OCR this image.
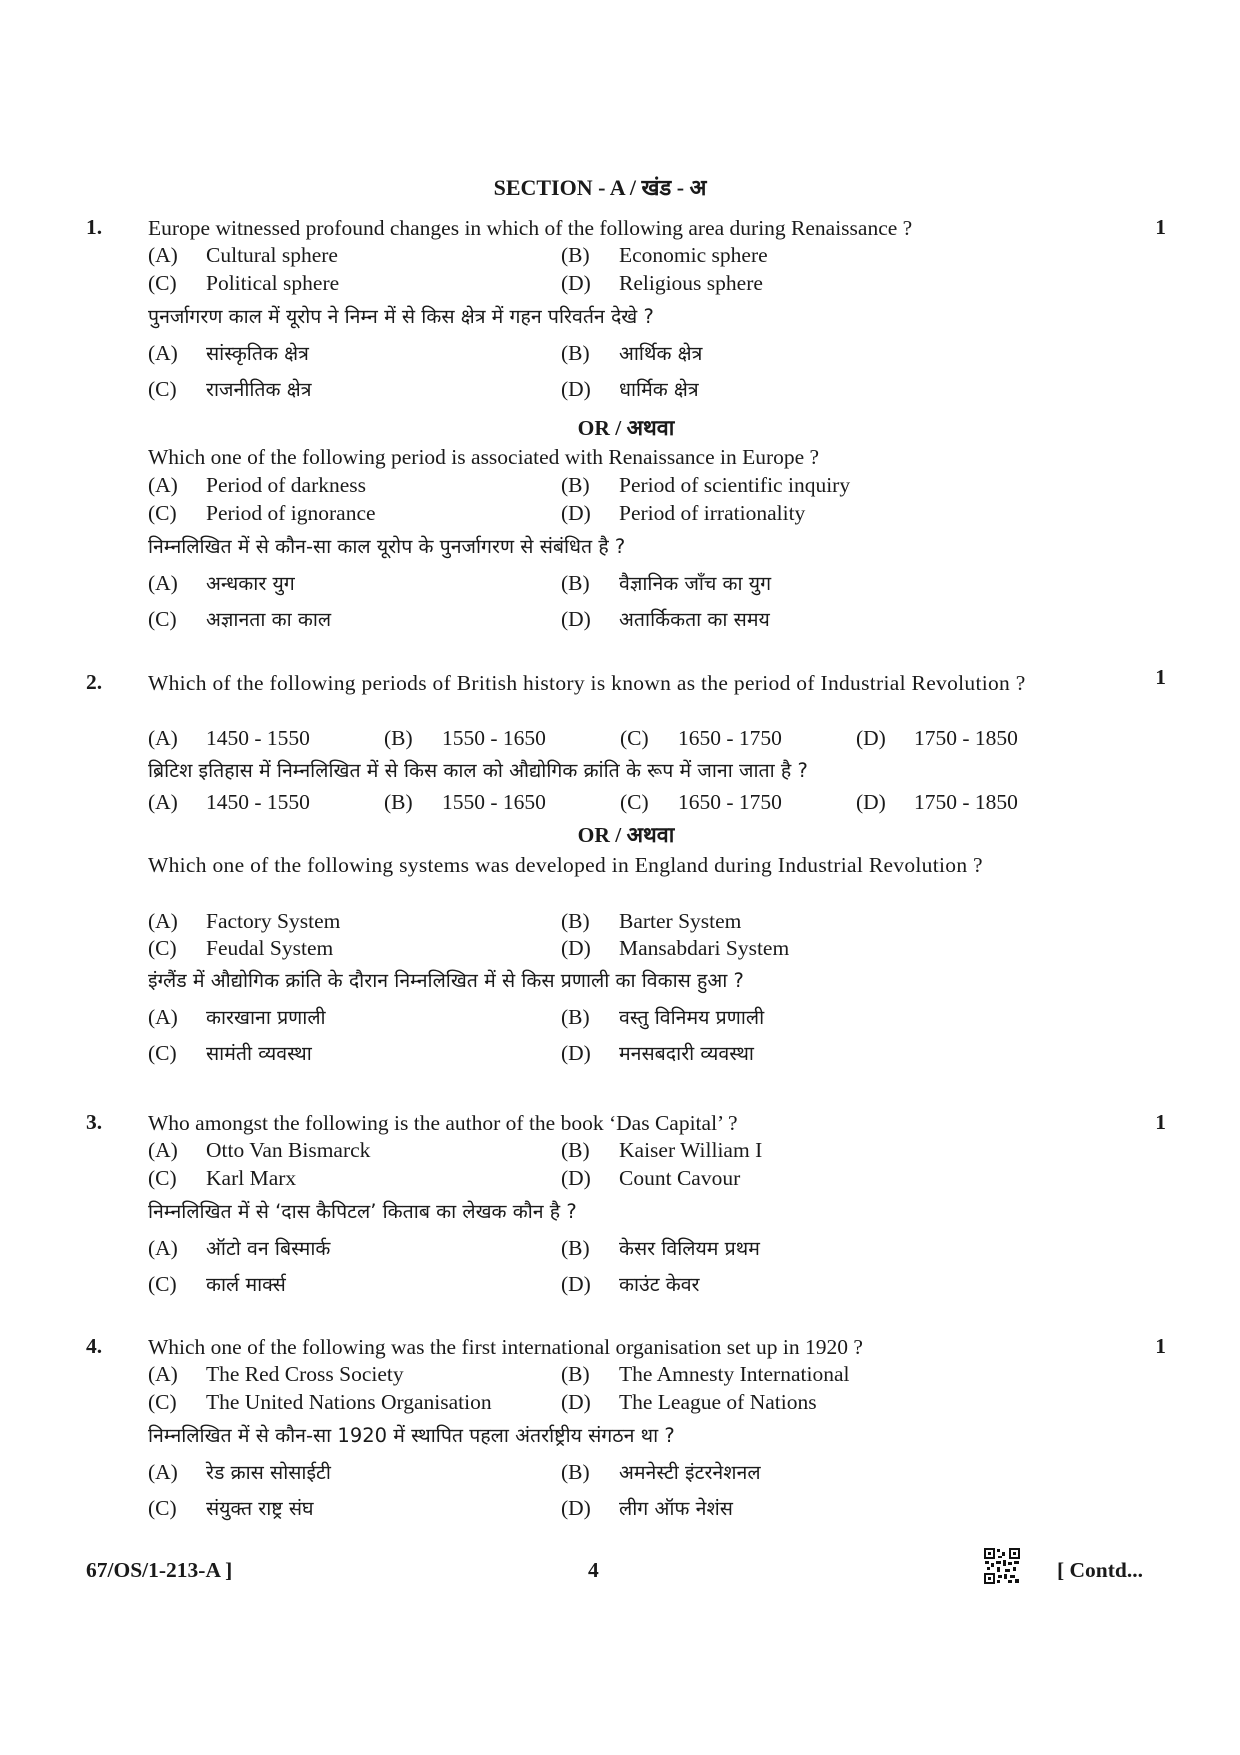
SECTION - A / खंड - अ
1.	1
Europe witnessed profound changes in which of the following area during Renaissance ?
(A) Cultural sphere	(B) Economic sphere
(C) Political sphere	(D) Religious sphere
पुनर्जागरण काल में यूरोप ने निम्न में से किस क्षेत्र में गहन परिवर्तन देखे ?
(A) सांस्कृतिक क्षेत्र	(B) आर्थिक क्षेत्र
(C) राजनीतिक क्षेत्र	(D) धार्मिक क्षेत्र
OR / अथवा
Which one of the following period is associated with Renaissance in Europe ?
(A) Period of darkness	(B) Period of scientific inquiry
(C) Period of ignorance	(D) Period of irrationality
निम्नलिखित में से कौन-सा काल यूरोप के पुनर्जागरण से संबंधित है ?
(A) अन्धकार युग	(B) वैज्ञानिक जाँच का युग
(C) अज्ञानता का काल	(D) अतार्किकता का समय
2.	1
Which of the following periods of British history is known as the period of Industrial Revolution ?
(A) 1450 - 1550	(B) 1550 - 1650	(C) 1650 - 1750	(D) 1750 - 1850
ब्रिटिश इतिहास में निम्नलिखित में से किस काल को औद्योगिक क्रांति के रूप में जाना जाता है ?
(A) 1450 - 1550	(B) 1550 - 1650	(C) 1650 - 1750	(D) 1750 - 1850
OR / अथवा
Which one of the following systems was developed in England during Industrial Revolution ?
(A) Factory System	(B) Barter System
(C) Feudal System	(D) Mansabdari System
इंग्लैंड में औद्योगिक क्रांति के दौरान निम्नलिखित में से किस प्रणाली का विकास हुआ ?
(A) कारखाना प्रणाली	(B) वस्तु विनिमय प्रणाली
(C) सामंती व्यवस्था	(D) मनसबदारी व्यवस्था
3.	1
Who amongst the following is the author of the book ‘Das Capital’ ?
(A) Otto Van Bismarck	(B) Kaiser William I
(C) Karl Marx	(D) Count Cavour
निम्नलिखित में से ‘दास कैपिटल’ किताब का लेखक कौन है ?
(A) ऑटो वन बिस्मार्क	(B) केसर विलियम प्रथम
(C) कार्ल मार्क्स	(D) काउंट केवर
4.	1
Which one of the following was the first international organisation set up in 1920 ?
(A) The Red Cross Society	(B) The Amnesty International
(C) The United Nations Organisation	(D) The League of Nations
निम्नलिखित में से कौन-सा 1920 में स्थापित पहला अंतर्राष्ट्रीय संगठन था ?
(A) रेड क्रास सोसाईटी	(B) अमनेस्टी इंटरनेशनल
(C) संयुक्त राष्ट्र संघ	(D) लीग ऑफ नेशंस
67/OS/1-213-A ]	4	[ Contd...
